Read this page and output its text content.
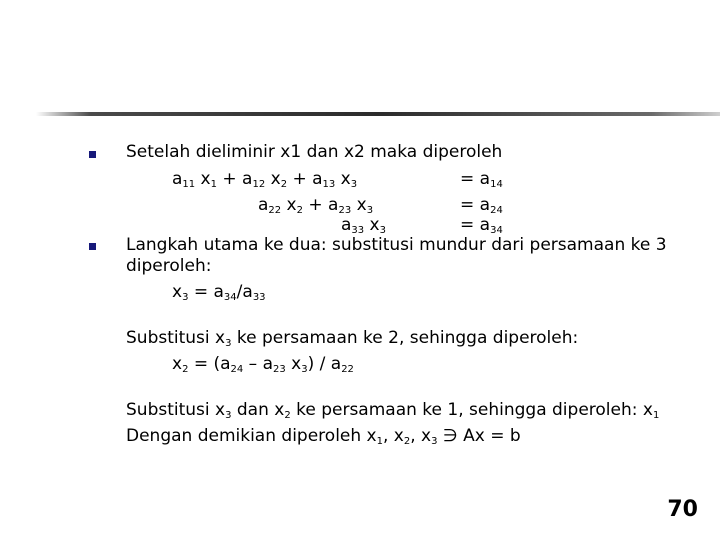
Setelah dieliminir x1 dan x2 maka diperoleh
$a_{11}$ $x_1 + a_{12}$ $x_2 + a_{13}$ $x_3$	= $a_{14}$
$a_{22}$ $x_2 + a_{23}$ $x_3$	= $a_{24}$
$a_{33}$ $x_3$	= $a_{34}$
Langkah utama ke dua: substitusi mundur dari persamaan ke 3
diperoleh:
$x_3 = a_{34}/a_{33}$
Substitusi $x_3$ ke persamaan ke 2, sehingga diperoleh:
$x_2 = (a_{24} - a_{23}$ $x_3) / a_{22}$
Substitusi $x_3$ dan $x_2$ ke persamaan ke 1, sehingga diperoleh: $x_1$
Dengan demikian diperoleh $x_1$, $x_2$, $x_3$ ∋ Ax = b
70
